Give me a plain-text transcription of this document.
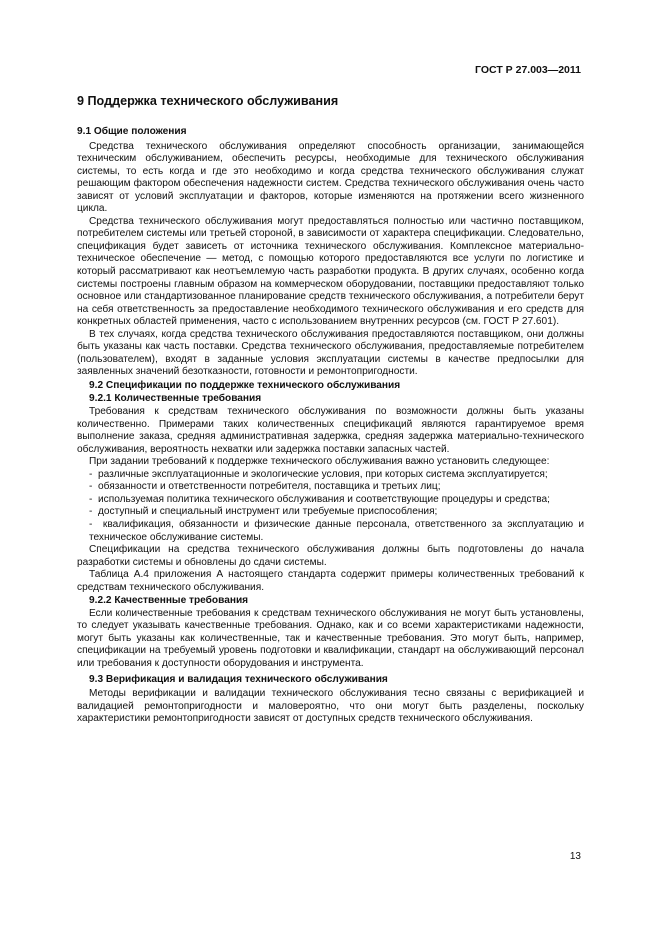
ГОСТ Р 27.003—2011
9 Поддержка технического обслуживания
9.1 Общие положения

Средства технического обслуживания определяют способность организации, занимающейся техническим обслуживанием, обеспечить ресурсы, необходимые для технического обслуживания системы, то есть когда и где это необходимо и когда средства технического обслуживания служат решающим фактором обеспечения надежности систем. Средства технического обслуживания очень часто зависят от условий эксплуатации и факторов, которые изменяются на протяжении всего жизненного цикла.

Средства технического обслуживания могут предоставляться полностью или частично поставщиком, потребителем системы или третьей стороной, в зависимости от характера спецификации. Следовательно, спецификация будет зависеть от источника технического обслуживания. Комплексное материально-техническое обеспечение — метод, с помощью которого предоставляются все услуги по логистике и который рассматривают как неотъемлемую часть разработки продукта. В других случаях, особенно когда системы построены главным образом на коммерческом оборудовании, поставщики предоставляют только основное или стандартизованное планирование средств технического обслуживания, а потребители берут на себя ответственность за предоставление необходимого технического обслуживания и его средств для конкретных областей применения, часто с использованием внутренних ресурсов (см. ГОСТ Р 27.601).

В тех случаях, когда средства технического обслуживания предоставляются поставщиком, они должны быть указаны как часть поставки. Средства технического обслуживания, предоставляемые потребителем (пользователем), входят в заданные условия эксплуатации системы в качестве предпосылки для заявленных значений безотказности, готовности и ремонтопригодности.

9.2 Спецификации по поддержке технического обслуживания
9.2.1 Количественные требования

Требования к средствам технического обслуживания по возможности должны быть указаны количественно. Примерами таких количественных спецификаций являются гарантируемое время выполнение заказа, средняя административная задержка, средняя задержка материально-технического обслуживания, вероятность нехватки или задержка поставки запасных частей.

При задании требований к поддержке технического обслуживания важно установить следующее:

-  различные эксплуатационные и экологические условия, при которых система эксплуатируется;
-  обязанности и ответственности потребителя, поставщика и третьих лиц;
-  используемая политика технического обслуживания и соответствующие процедуры и средства;
-  доступный и специальный инструмент или требуемые приспособления;
-  квалификация, обязанности и физические данные персонала, ответственного за эксплуатацию и техническое обслуживание системы.

Спецификации на средства технического обслуживания должны быть подготовлены до начала разработки системы и обновлены до сдачи системы.

Таблица А.4 приложения А настоящего стандарта содержит примеры количественных требований к средствам технического обслуживания.

9.2.2 Качественные требования

Если количественные требования к средствам технического обслуживания не могут быть установлены, то следует указывать качественные требования. Однако, как и со всеми характеристиками надежности, могут быть указаны как количественные, так и качественные требования. Это могут быть, например, спецификации на требуемый уровень подготовки и квалификации, стандарт на обслуживающий персонал или требования к доступности оборудования и инструмента.

9.3 Верификация и валидация технического обслуживания

Методы верификации и валидации технического обслуживания тесно связаны с верификацией и валидацией ремонтопригодности и маловероятно, что они могут быть разделены, поскольку характеристики ремонтопригодности зависят от доступных средств технического обслуживания.

13
